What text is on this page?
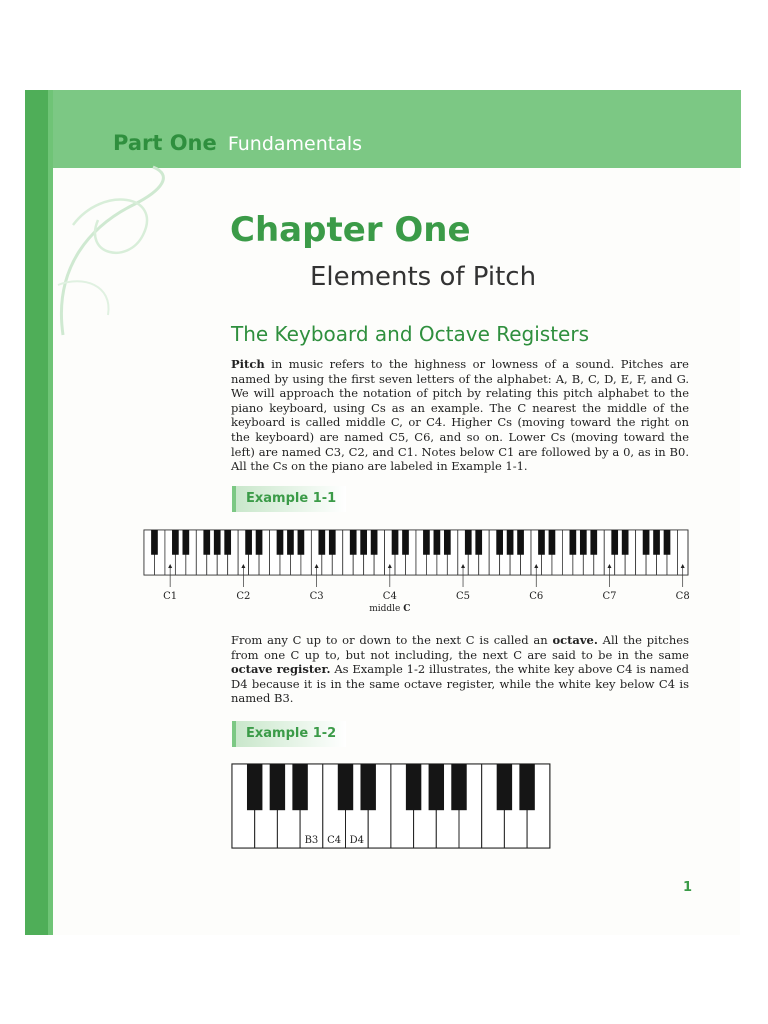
Part One Fundamentals
Chapter One
Elements of Pitch
The Keyboard and Octave Registers
Pitch in music refers to the highness or lowness of a sound. Pitches are named by using the first seven letters of the alphabet: A, B, C, D, E, F, and G. We will approach the notation of pitch by relating this pitch alphabet to the piano keyboard, using Cs as an example. The C nearest the middle of the keyboard is called middle C, or C4. Higher Cs (moving toward the right on the keyboard) are named C5, C6, and so on. Lower Cs (moving toward the left) are named C3, C2, and C1. Notes below C1 are followed by a 0, as in B0. All the Cs on the piano are labeled in Example 1-1.
Example 1-1
C1	C2	C3	C4
middle C
C5	C6	C7	C8
From any C up to or down to the next C is called an octave. All the pitches from one C up to, but not including, the next C are said to be in the same octave register. As Example 1-2 illustrates, the white key above C4 is named D4 because it is in the same octave register, while the white key below C4 is named B3.
Example 1-2
B3 C4 D4
1
